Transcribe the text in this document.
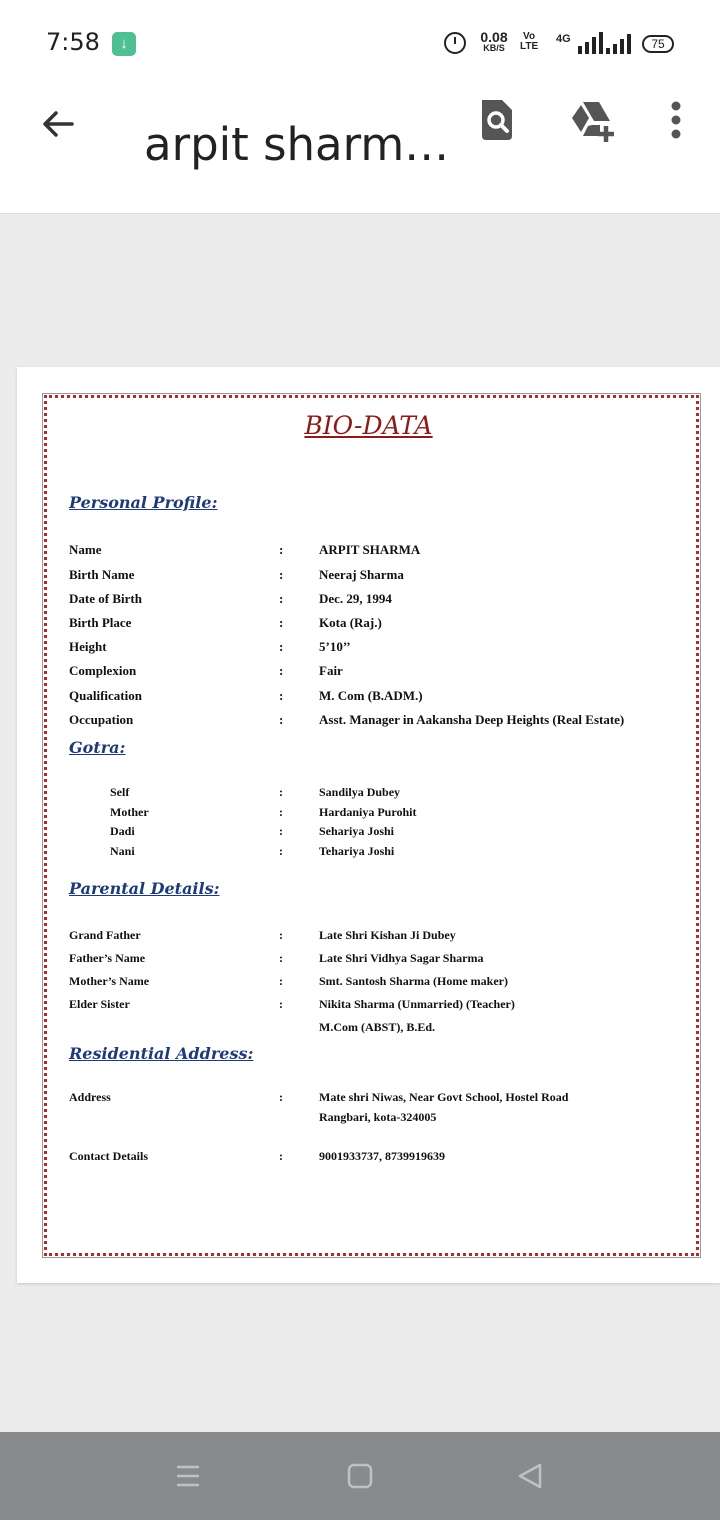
7:58	↓	0.08
KB/S
Vo
LTE
4G	75
arpit sharm…
BIO-DATA
Personal Profile:
Name	:	ARPIT SHARMA
Birth Name	:	Neeraj Sharma
Date of Birth	:	Dec. 29, 1994
Birth Place	:	Kota (Raj.)
Height	:	5’10’’
Complexion	:	Fair
Qualification	:	M. Com (B.ADM.)
Occupation	:	Asst. Manager in Aakansha Deep Heights (Real Estate)
Gotra:
Self	:	Sandilya Dubey
Mother	:	Hardaniya Purohit
Dadi	:	Sehariya Joshi
Nani	:	Tehariya Joshi
Parental Details:
Grand Father	:	Late Shri Kishan Ji Dubey
Father’s Name	:	Late Shri Vidhya Sagar Sharma
Mother’s Name	:	Smt. Santosh Sharma (Home maker)
Elder Sister	:	Nikita Sharma (Unmarried) (Teacher)
M.Com (ABST), B.Ed.
Residential Address:
Address	:	Mate shri Niwas, Near Govt School, Hostel Road
Rangbari, kota-324005
Contact Details	:	9001933737, 8739919639
